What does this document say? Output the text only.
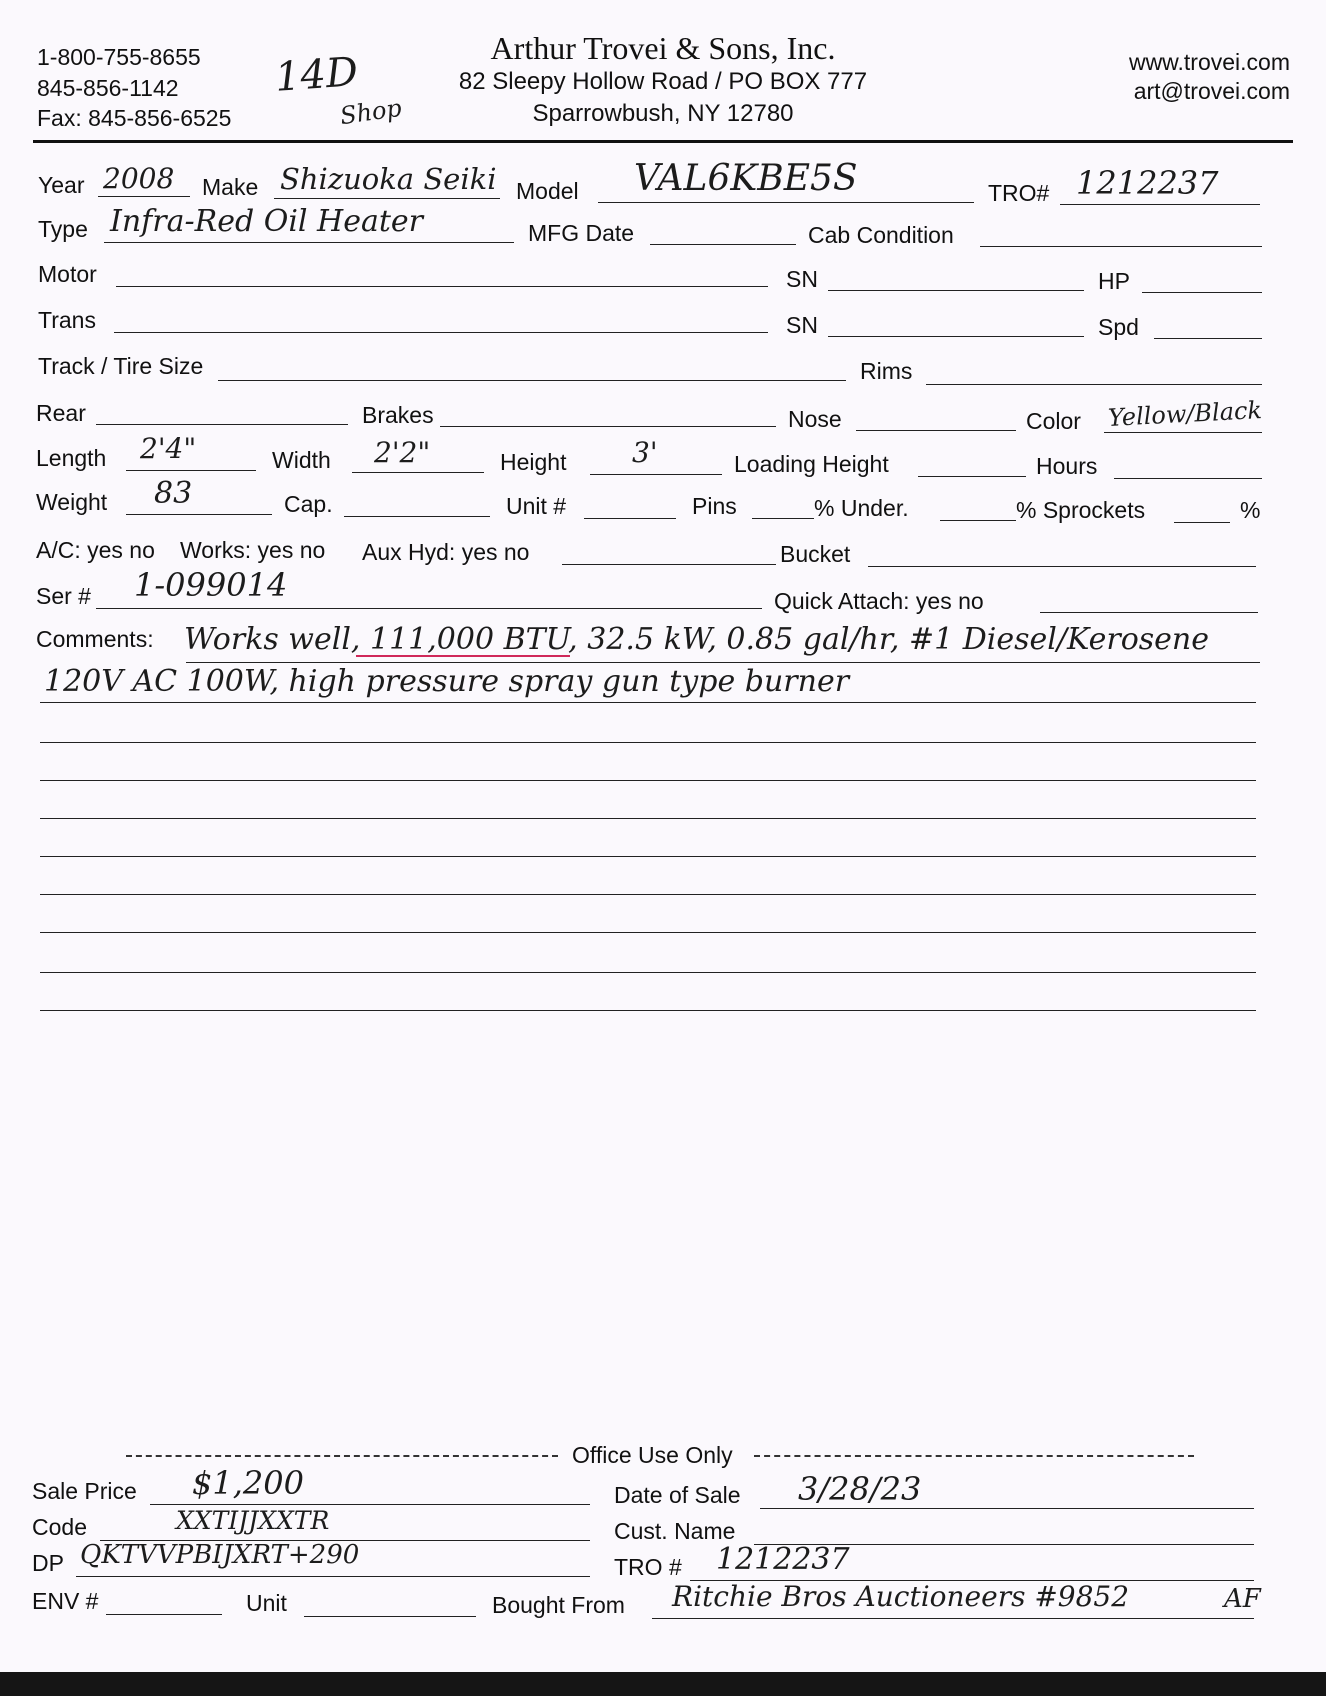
1-800-755-8655
845-856-1142
Fax: 845-856-6525
14D
Shop
Arthur Trovei & Sons, Inc.
82 Sleepy Hollow Road / PO BOX 777
Sparrowbush, NY 12780
www.trovei.com
art@trovei.com
Year 2008 Make Shizuoka Seiki Model VAL6KBE5S	TRO# 1212237
Type Infra-Red Oil Heater	MFG Date	Cab Condition
Motor	SN	HP
Trans	SN	Spd
Track / Tire Size	Rims
Rear	Brakes	Nose	Color Yellow/Black
Length 2'4"	Width 2'2"	Height 3'	Loading Height	Hours
Weight 83	Cap.	Unit #	Pins	% Under.	% Sprockets	%
A/C: yes no Works: yes no Aux Hyd: yes no	Bucket
Ser # 1-099014	Quick Attach: yes no
Comments: Works well, 111,000 BTU, 32.5 kW, 0.85 gal/hr, #1 Diesel/Kerosene
120V AC 100W, high pressure spray gun type burner
Office Use Only
Sale Price $1,200	Date of Sale 3/28/23
Code	XXTIJJXXTR	Cust. Name
DP QKTVVPBIJXRT+290	TRO # 1212237
ENV #	Unit	Bought From Ritchie Bros Auctioneers #9852	AF
